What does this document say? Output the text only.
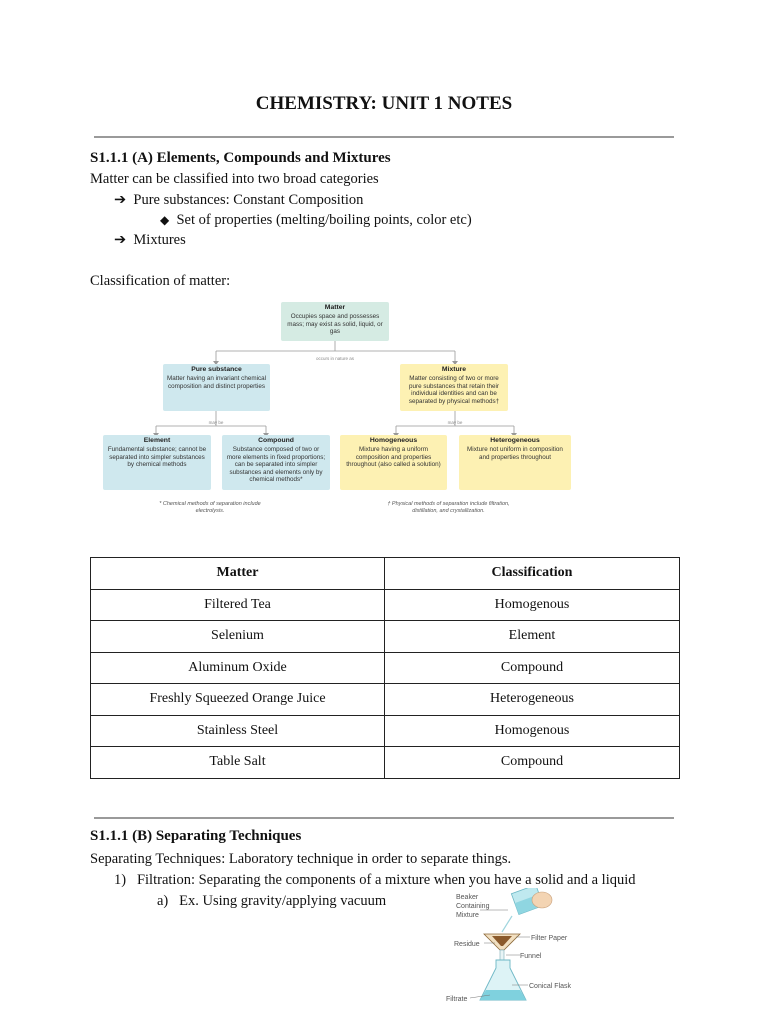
CHEMISTRY: UNIT 1 NOTES
S1.1.1 (A) Elements, Compounds and Mixtures
Matter can be classified into two broad categories
➔ Pure substances: Constant Composition
◆ Set of properties (melting/boiling points, color etc)
➔ Mixtures
Classification of matter:
occurs in nature as
may be	may be
Matter
Occupies space and possesses mass; may exist as solid, liquid, or gas
Pure substance
Matter having an invariant chemical composition and distinct properties
Mixture
Matter consisting of two or more pure substances that retain their individual identities and can be separated by physical methods†
Element
Fundamental substance; cannot be separated into simpler substances by chemical methods
Compound
Substance composed of two or more elements in fixed proportions; can be separated into simpler substances and elements only by chemical methods*
Homogeneous
Mixture having a uniform composition and properties throughout (also called a solution)
Heterogeneous
Mixture not uniform in composition and properties throughout
* Chemical methods of separation include electrolysis.
† Physical methods of separation include filtration, distillation, and crystallization.
Matter	Classification
Filtered Tea	Homogenous
Selenium	Element
Aluminum Oxide	Compound
Freshly Squeezed Orange Juice	Heterogeneous
Stainless Steel	Homogenous
Table Salt	Compound
S1.1.1 (B) Separating Techniques
Separating Techniques: Laboratory technique in order to separate things.
1) Filtration: Separating the components of a mixture when you have a solid and a liquid
a) Ex. Using gravity/applying vacuum	Beaker
Containing
Mixture
Filter Paper
Residue
Funnel
Conical Flask
Filtrate
